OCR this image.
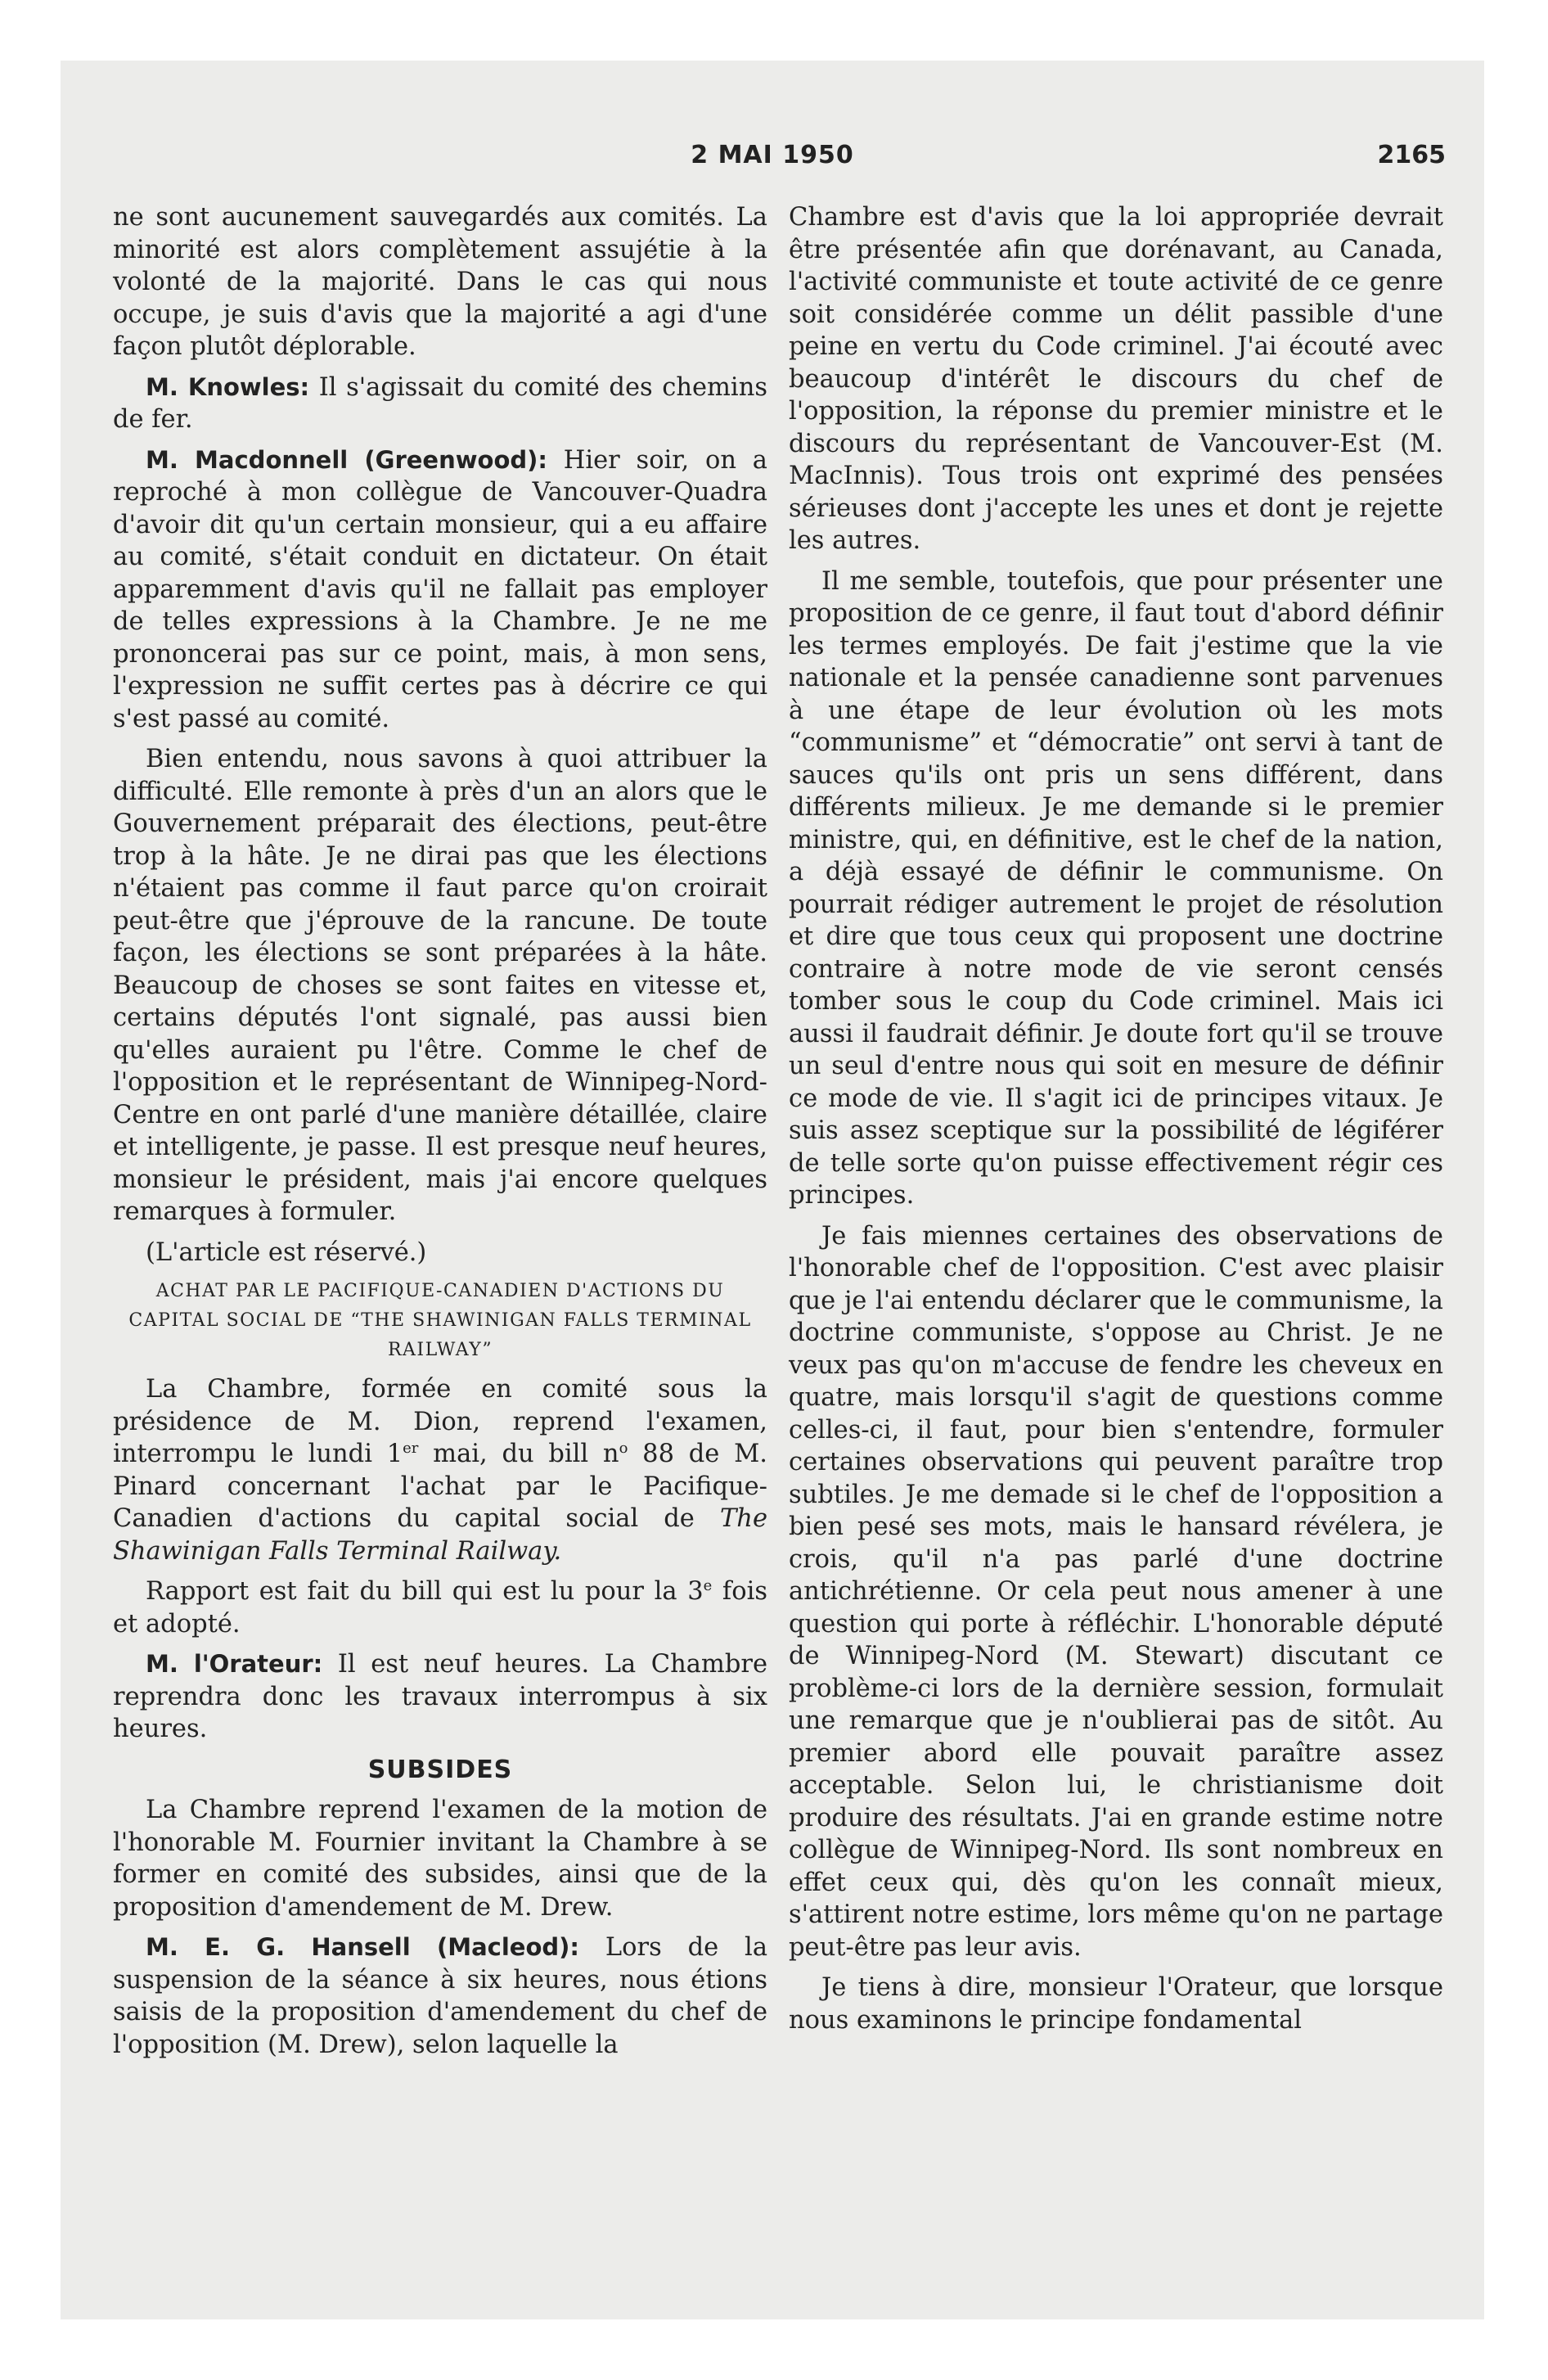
2 MAI 1950	2165

ne sont aucunement sauvegardés aux comités. La minorité est alors complètement assujétie à la volonté de la majorité. Dans le cas qui nous occupe, je suis d'avis que la majorité a agi d'une façon plutôt déplorable.

M. Knowles: Il s'agissait du comité des chemins de fer.

M. Macdonnell (Greenwood): Hier soir, on a reproché à mon collègue de Vancouver-Quadra d'avoir dit qu'un certain monsieur, qui a eu affaire au comité, s'était conduit en dictateur. On était apparemment d'avis qu'il ne fallait pas employer de telles expressions à la Chambre. Je ne me prononcerai pas sur ce point, mais, à mon sens, l'expression ne suffit certes pas à décrire ce qui s'est passé au comité.

Bien entendu, nous savons à quoi attribuer la difficulté. Elle remonte à près d'un an alors que le Gouvernement préparait des élections, peut-être trop à la hâte. Je ne dirai pas que les élections n'étaient pas comme il faut parce qu'on croirait peut-être que j'éprouve de la rancune. De toute façon, les élections se sont préparées à la hâte. Beaucoup de choses se sont faites en vitesse et, certains députés l'ont signalé, pas aussi bien qu'elles auraient pu l'être. Comme le chef de l'opposition et le représentant de Winnipeg-Nord-Centre en ont parlé d'une manière détaillée, claire et intelligente, je passe. Il est presque neuf heures, monsieur le président, mais j'ai encore quelques remarques à formuler.

(L'article est réservé.)

ACHAT PAR LE PACIFIQUE-CANADIEN D'ACTIONS DU CAPITAL SOCIAL DE “THE SHAWINIGAN FALLS TERMINAL RAILWAY”

La Chambre, formée en comité sous la présidence de M. Dion, reprend l'examen, interrompu le lundi 1er mai, du bill $n^o$ 88 de M. Pinard concernant l'achat par le Pacifique-Canadien d'actions du capital social de The Shawinigan Falls Terminal Railway.

Rapport est fait du bill qui est lu pour la 3e fois et adopté.

M. l'Orateur: Il est neuf heures. La Chambre reprendra donc les travaux interrompus à six heures.

SUBSIDES

La Chambre reprend l'examen de la motion de l'honorable M. Fournier invitant la Chambre à se former en comité des subsides, ainsi que de la proposition d'amendement de M. Drew.

M. E. G. Hansell (Macleod): Lors de la suspension de la séance à six heures, nous étions saisis de la proposition d'amendement du chef de l'opposition (M. Drew), selon laquelle la

Chambre est d'avis que la loi appropriée devrait être présentée afin que dorénavant, au Canada, l'activité communiste et toute activité de ce genre soit considérée comme un délit passible d'une peine en vertu du Code criminel. J'ai écouté avec beaucoup d'intérêt le discours du chef de l'opposition, la réponse du premier ministre et le discours du représentant de Vancouver-Est (M. MacInnis). Tous trois ont exprimé des pensées sérieuses dont j'accepte les unes et dont je rejette les autres.

Il me semble, toutefois, que pour présenter une proposition de ce genre, il faut tout d'abord définir les termes employés. De fait j'estime que la vie nationale et la pensée canadienne sont parvenues à une étape de leur évolution où les mots “communisme” et “démocratie” ont servi à tant de sauces qu'ils ont pris un sens différent, dans différents milieux. Je me demande si le premier ministre, qui, en définitive, est le chef de la nation, a déjà essayé de définir le communisme. On pourrait rédiger autrement le projet de résolution et dire que tous ceux qui proposent une doctrine contraire à notre mode de vie seront censés tomber sous le coup du Code criminel. Mais ici aussi il faudrait définir. Je doute fort qu'il se trouve un seul d'entre nous qui soit en mesure de définir ce mode de vie. Il s'agit ici de principes vitaux. Je suis assez sceptique sur la possibilité de légiférer de telle sorte qu'on puisse effectivement régir ces principes.

Je fais miennes certaines des observations de l'honorable chef de l'opposition. C'est avec plaisir que je l'ai entendu déclarer que le communisme, la doctrine communiste, s'oppose au Christ. Je ne veux pas qu'on m'accuse de fendre les cheveux en quatre, mais lorsqu'il s'agit de questions comme celles-ci, il faut, pour bien s'entendre, formuler certaines observations qui peuvent paraître trop subtiles. Je me demade si le chef de l'opposition a bien pesé ses mots, mais le hansard révélera, je crois, qu'il n'a pas parlé d'une doctrine antichrétienne. Or cela peut nous amener à une question qui porte à réfléchir. L'honorable député de Winnipeg-Nord (M. Stewart) discutant ce problème-ci lors de la dernière session, formulait une remarque que je n'oublierai pas de sitôt. Au premier abord elle pouvait paraître assez acceptable. Selon lui, le christianisme doit produire des résultats. J'ai en grande estime notre collègue de Winnipeg-Nord. Ils sont nombreux en effet ceux qui, dès qu'on les connaît mieux, s'attirent notre estime, lors même qu'on ne partage peut-être pas leur avis.

Je tiens à dire, monsieur l'Orateur, que lorsque nous examinons le principe fondamental
